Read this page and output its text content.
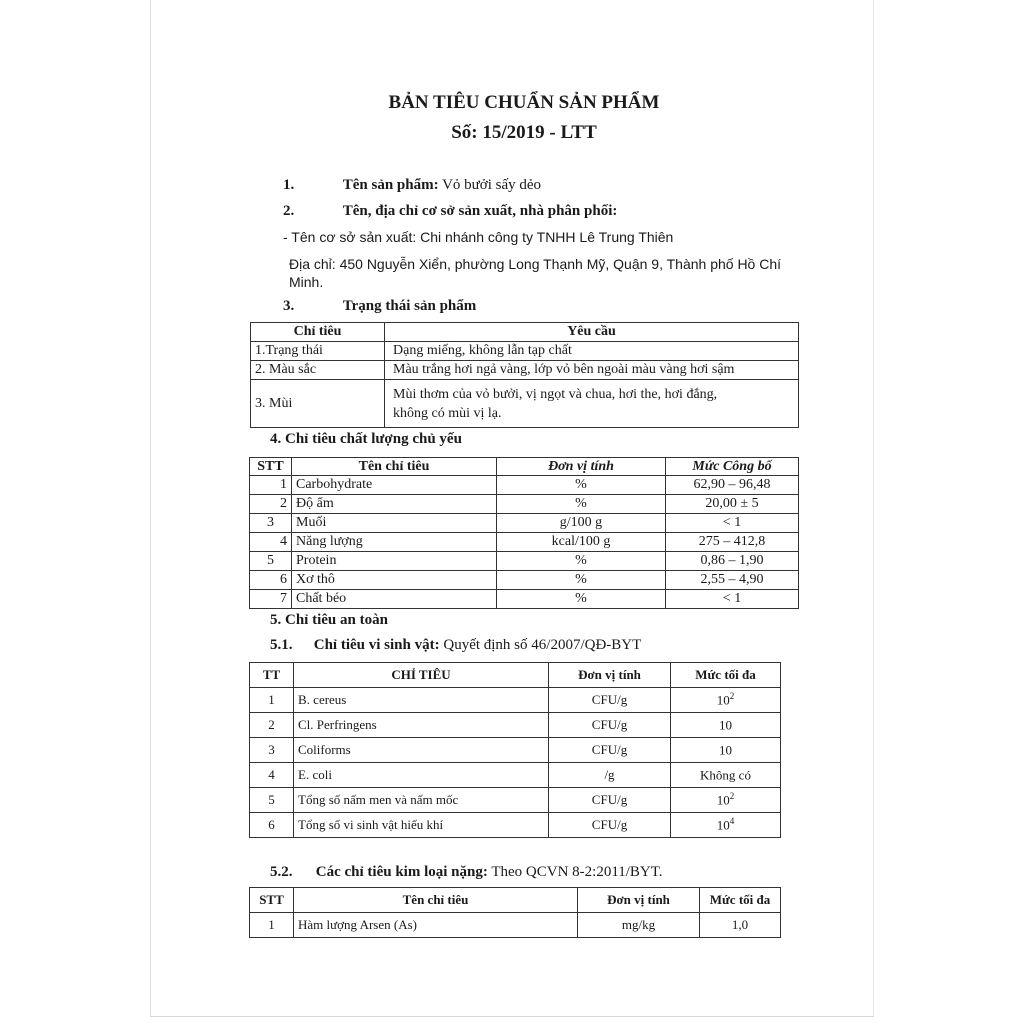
BẢN TIÊU CHUẨN SẢN PHẨM
Số: 15/2019 - LTT
1.	Tên sản phẩm: Vỏ bưởi sấy dẻo
2.	Tên, địa chỉ cơ sở sản xuất, nhà phân phối:
- Tên cơ sở sản xuất: Chi nhánh công ty TNHH Lê Trung Thiên
Địa chỉ: 450 Nguyễn Xiển, phường Long Thạnh Mỹ, Quận 9, Thành phố Hồ Chí
Minh.
3.	Trạng thái sản phẩm
Chỉ tiêu	Yêu cầu
1.Trạng thái	Dạng miếng, không lẫn tạp chất
2. Màu sắc	Màu trắng hơi ngả vàng, lớp vỏ bên ngoài màu vàng hơi sậm
3. Mùi	Mùi thơm của vỏ bưởi, vị ngọt và chua, hơi the, hơi đắng,
không có mùi vị lạ.
4. Chỉ tiêu chất lượng chủ yếu
STT	Tên chỉ tiêu	Đơn vị tính	Mức Công bố
1	Carbohydrate	%	62,90 – 96,48
2	Độ ẩm	%	20,00 ± 5
3	Muối	g/100 g	< 1
4	Năng lượng	kcal/100 g	275 – 412,8
5	Protein	%	0,86 – 1,90
6	Xơ thô	%	2,55 – 4,90
7	Chất béo	%	< 1
5. Chỉ tiêu an toàn
5.1. Chỉ tiêu vi sinh vật: Quyết định số 46/2007/QĐ-BYT
TT	CHỈ TIÊU	Đơn vị tính	Mức tối đa
1	B. cereus	CFU/g	$10^2$
2	Cl. Perfringens	CFU/g	10
3	Coliforms	CFU/g	10
4	E. coli	/g	Không có
5	Tổng số nấm men và nấm mốc	CFU/g	$10^2$
6	Tổng số vi sinh vật hiếu khí	CFU/g	$10^4$
5.2. Các chỉ tiêu kim loại nặng: Theo QCVN 8-2:2011/BYT.
STT	Tên chỉ tiêu	Đơn vị tính	Mức tối đa
1	Hàm lượng Arsen (As)	mg/kg	1,0
